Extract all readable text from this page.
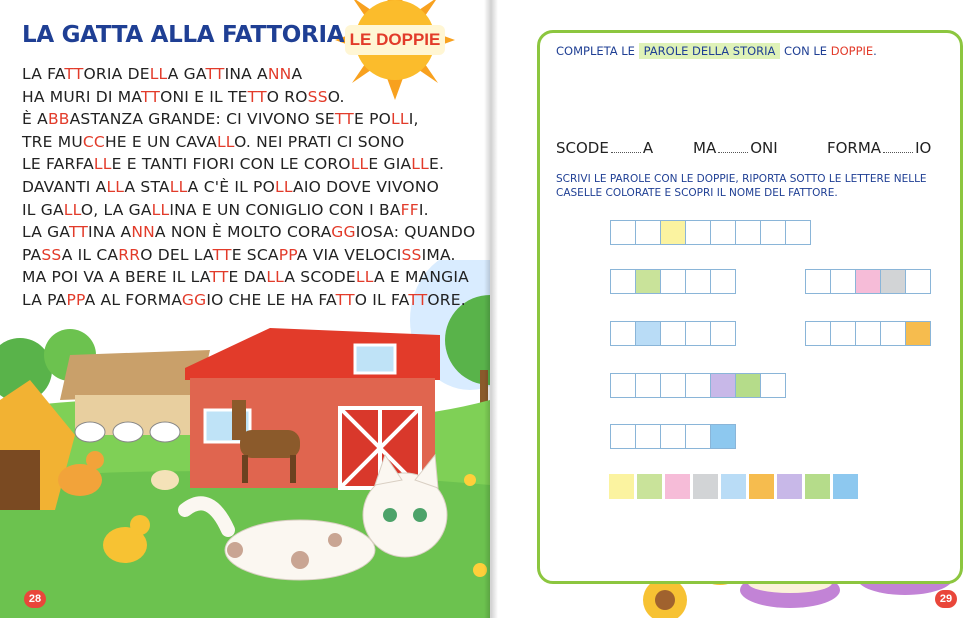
LE DOPPIE
LA GATTA ALLA FATTORIA
LA FATTORIA DELLA GATTINA ANNA
HA MURI DI MATTONI E IL TETTO ROSSO.
È ABBASTANZA GRANDE: CI VIVONO SETTE POLLI,
TRE MUCCHE E UN CAVALLO. NEI PRATI CI SONO
LE FARFALLE E TANTI FIORI CON LE COROLLE GIALLE.
DAVANTI ALLA STALLA C'È IL POLLAIO DOVE VIVONO
IL GALLO, LA GALLINA E UN CONIGLIO CON I BAFFI.
LA GATTINA ANNA NON È MOLTO CORAGGIOSA: QUANDO
PASSA IL CARRO DEL LATTE SCAPPA VIA VELOCISSIMA.
MA POI VA A BERE IL LATTE DALLA SCODELLA E MANGIA
LA PAPPA AL FORMAGGIO CHE LE HA FATTO IL FATTORE.
28
COMPLETA LE PAROLE DELLA STORIA CON LE DOPPIE.
SCODE A	MA ONI	FORMA IO
SCRIVI LE PAROLE CON LE DOPPIE, RIPORTA SOTTO LE LETTERE NELLE CASELLE COLORATE E SCOPRI IL NOME DEL FATTORE.
29
